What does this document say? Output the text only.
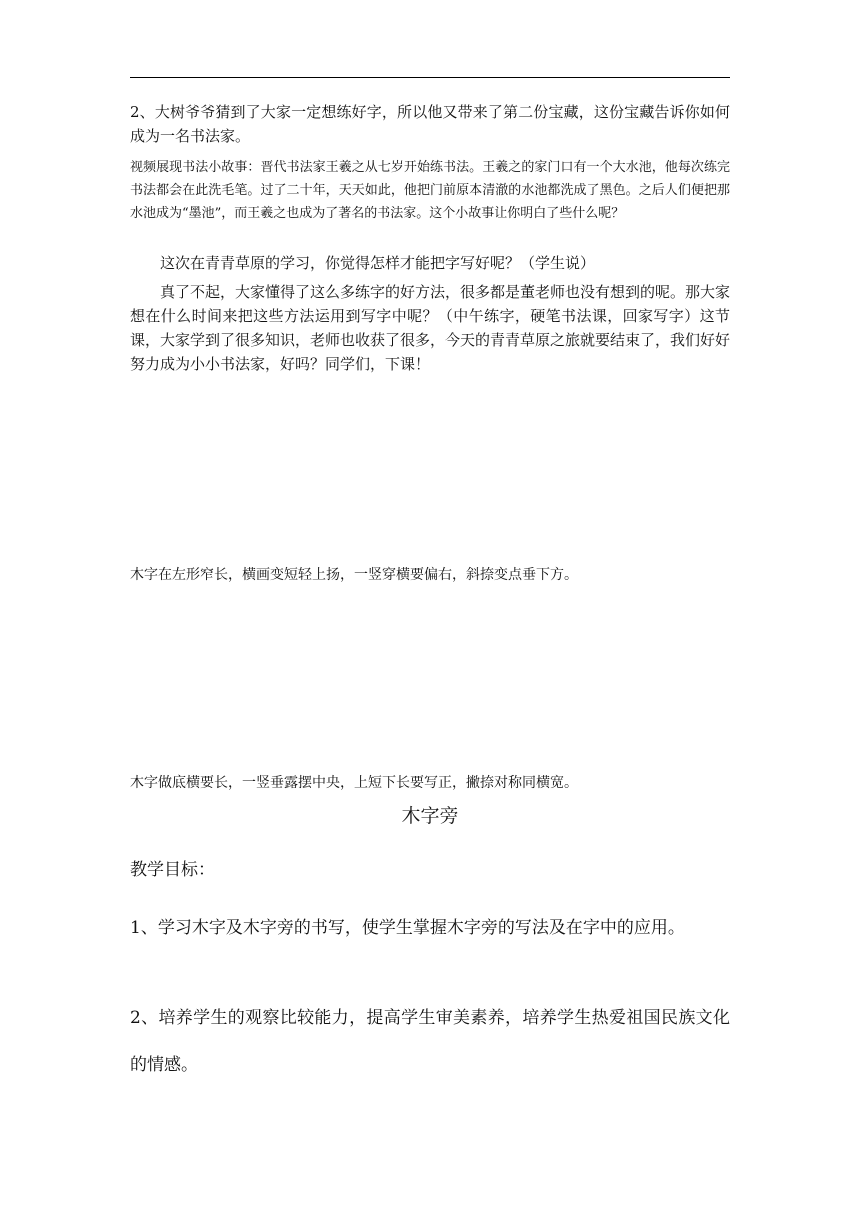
2、大树爷爷猜到了大家一定想练好字，所以他又带来了第二份宝藏，这份宝藏告诉你如何成为一名书法家。

视频展现书法小故事：晋代书法家王羲之从七岁开始练书法。王羲之的家门口有一个大水池，他每次练完书法都会在此洗毛笔。过了二十年，天天如此，他把门前原本清澈的水池都洗成了黑色。之后人们便把那水池成为“墨池”，而王羲之也成为了著名的书法家。这个小故事让你明白了些什么呢？

这次在青青草原的学习，你觉得怎样才能把字写好呢？（学生说）

真了不起，大家懂得了这么多练字的好方法，很多都是董老师也没有想到的呢。那大家想在什么时间来把这些方法运用到写字中呢？（中午练字，硬笔书法课，回家写字）这节课，大家学到了很多知识，老师也收获了很多，今天的青青草原之旅就要结束了，我们好好努力成为小小书法家，好吗？同学们，下课！

木字在左形窄长，横画变短轻上扬，一竖穿横要偏右，斜捺变点垂下方。

木字做底横要长，一竖垂露摆中央，上短下长要写正，撇捺对称同横宽。

木字旁

教学目标：

1、学习木字及木字旁的书写，使学生掌握木字旁的写法及在字中的应用。

2、培养学生的观察比较能力，提高学生审美素养，培养学生热爱祖国民族文化的情感。
